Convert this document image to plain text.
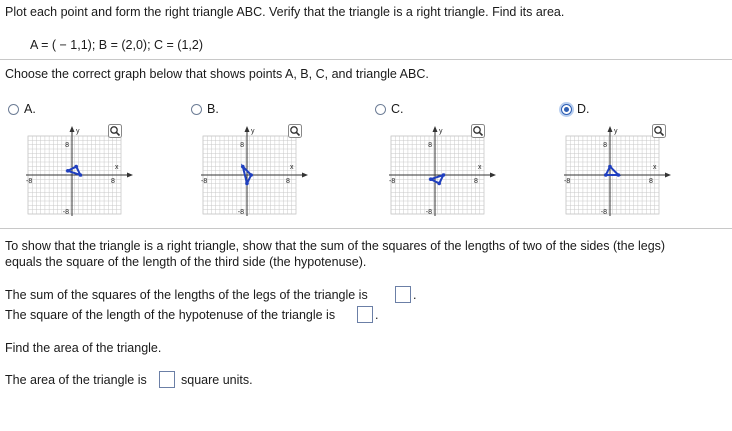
Plot each point and form the right triangle ABC. Verify that the triangle is a right triangle. Find its area.
A = ( − 1,1); B = (2,0); C = (1,2)
Choose the correct graph below that shows points A, B, C, and triangle ABC.
A.	B.	C.	D.
y
x
8
-8
-8	8
y
x
8
-8
-8	8
y
x
8
-8
-8	8
y
x
8
-8
-8	8
To show that the triangle is a right triangle, show that the sum of the squares of the lengths of two of the sides (the legs)
equals the square of the length of the third side (the hypotenuse).
The sum of the squares of the lengths of the legs of the triangle is	.
The square of the length of the hypotenuse of the triangle is	.
Find the area of the triangle.
The area of the triangle is	square units.
